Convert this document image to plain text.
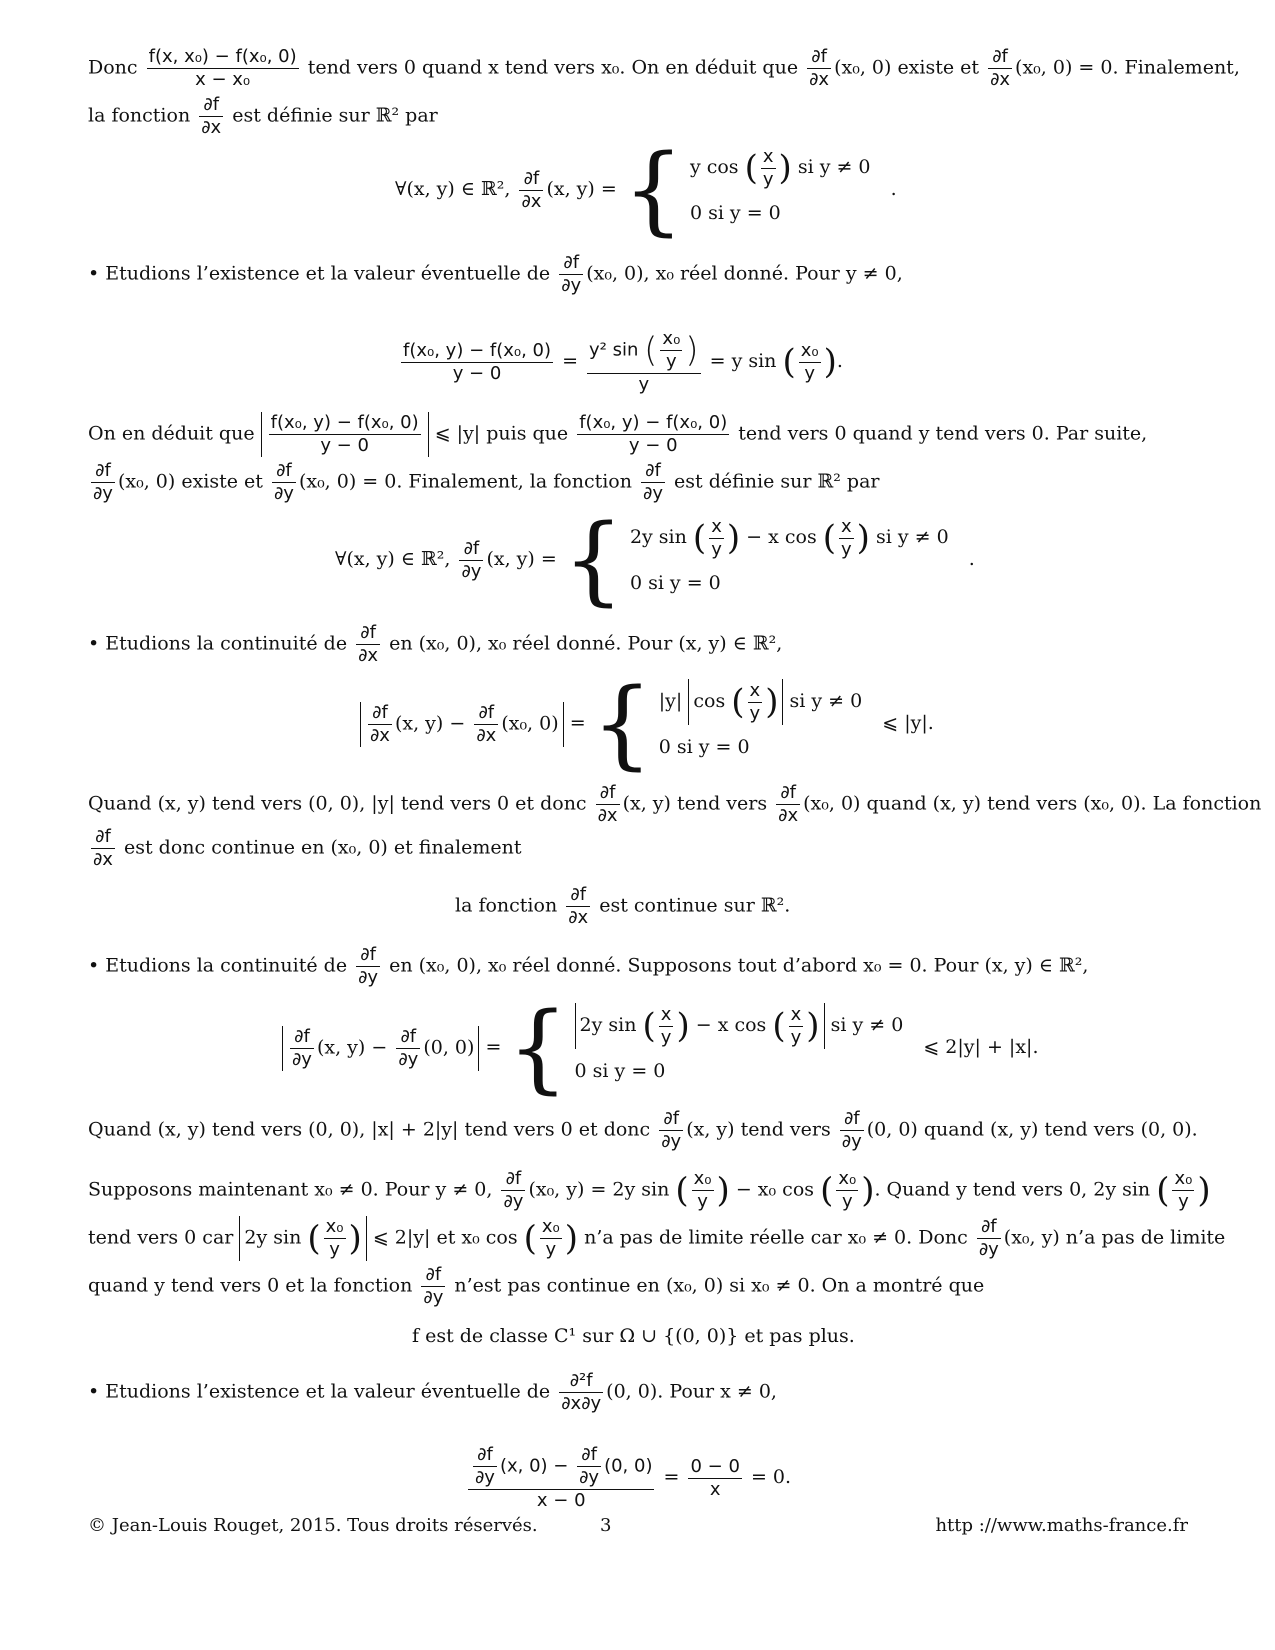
Donc $\frac{\text{f(x, x₀) − f(x₀, 0)}}{\text{x − x₀}}$ tend vers 0 quand x tend vers x₀. On en déduit que $\frac{\partial f}{\partial x} (x_0$, 0) existe et $\frac{\partial f}{\partial x} (x_0$, 0) = 0. Finalement,
la fonction $\frac{\partial f}{\partial x}$ est définie sur ℝ² par
∀(x, y) ∈ ℝ², $\frac{\partial f}{\partial x} (x$, y) = { y cos ( $\frac{x}{y}$ ) si y ≠ 0
0 si y = 0
.
• Etudions l’existence et la valeur éventuelle de $\frac{\partial f}{\partial y} (x_0$, 0), x₀ réel donné. Pour y ≠ 0,
$\frac{\text{f(x₀, y) − f(x₀, 0)}}{y - 0} = \frac{y^2 \sin ( \frac{\text{x₀}}{y} )}{y} = y$ sin ( $\frac{\text{x₀}}{y}$ ).
On en déduit que $\frac{\text{f(x₀, y) − f(x₀, 0)}}{y - 0}$ ⩽ |y| puis que $\frac{\text{f(x₀, y) − f(x₀, 0)}}{y - 0}$ tend vers 0 quand y tend vers 0. Par suite,
$\frac{\partial f}{\partial y} (x_0$, 0) existe et $\frac{\partial f}{\partial y} (x_0$, 0) = 0. Finalement, la fonction $\frac{\partial f}{\partial y}$ est définie sur ℝ² par
∀(x, y) ∈ ℝ², $\frac{\partial f}{\partial y} (x$, y) = { 2y sin ( $\frac{x}{y}$ ) − x cos ( $\frac{x}{y}$ ) si y ≠ 0
0 si y = 0
.
• Etudions la continuité de $\frac{\partial f}{\partial x}$ en (x₀, 0), x₀ réel donné. Pour (x, y) ∈ ℝ²,
$\frac{\partial f}{\partial x} (x$, $y) - \frac{\partial f}{\partial x} (x_0$, 0) = { |y| cos ( $\frac{x}{y}$ ) si y ≠ 0
0 si y = 0
⩽ |y|.
Quand (x, y) tend vers (0, 0), |y| tend vers 0 et donc $\frac{\partial f}{\partial x} (x$, y) tend vers $\frac{\partial f}{\partial x} (x_0$, 0) quand (x, y) tend vers (x₀, 0). La fonction
$\frac{\partial f}{\partial x}$ est donc continue en (x₀, 0) et finalement
la fonction $\frac{\partial f}{\partial x}$ est continue sur ℝ².
• Etudions la continuité de $\frac{\partial f}{\partial y}$ en (x₀, 0), x₀ réel donné. Supposons tout d’abord x₀ = 0. Pour (x, y) ∈ ℝ²,
$\frac{\partial f}{\partial y} (x$, $y) - \frac{\partial f}{\partial y} (0$, 0) = { 2y sin ( $\frac{x}{y}$ ) − x cos ( $\frac{x}{y}$ ) si y ≠ 0
0 si y = 0
⩽ 2|y| + |x|.
Quand (x, y) tend vers (0, 0), |x| + 2|y| tend vers 0 et donc $\frac{\partial f}{\partial y} (x$, y) tend vers $\frac{\partial f}{\partial y} (0$, 0) quand (x, y) tend vers (0, 0).
Supposons maintenant x₀ ≠ 0. Pour y ≠ 0, $\frac{\partial f}{\partial y} (x_0$, y) = 2y sin ( $\frac{\text{x₀}}{y}$ ) − x₀ cos ( $\frac{\text{x₀}}{y}$ ). Quand y tend vers 0, 2y sin ( $\frac{\text{x₀}}{y}$ )
tend vers 0 car 2y sin ( $\frac{\text{x₀}}{y}$ ) ⩽ 2|y| et x₀ cos ( $\frac{\text{x₀}}{y}$ ) n’a pas de limite réelle car x₀ ≠ 0. Donc $\frac{\partial f}{\partial y} (x_0$, y) n’a pas de limite
quand y tend vers 0 et la fonction $\frac{\partial f}{\partial y}$ n’est pas continue en (x₀, 0) si x₀ ≠ 0. On a montré que
f est de classe C¹ sur Ω ∪ {(0, 0)} et pas plus.
• Etudions l’existence et la valeur éventuelle de $\frac{\text{∂²f}}{\partial x\partial y} (0$, 0). Pour x ≠ 0,
$\frac{\frac{\partial f}{\partial y} (x, 0) - \frac{\partial f}{\partial y} (0, 0)}{x - 0} = \frac{0 - 0}{x} = 0$.
© Jean-Louis Rouget, 2015. Tous droits réservés.	3	http ://www.maths-france.fr
